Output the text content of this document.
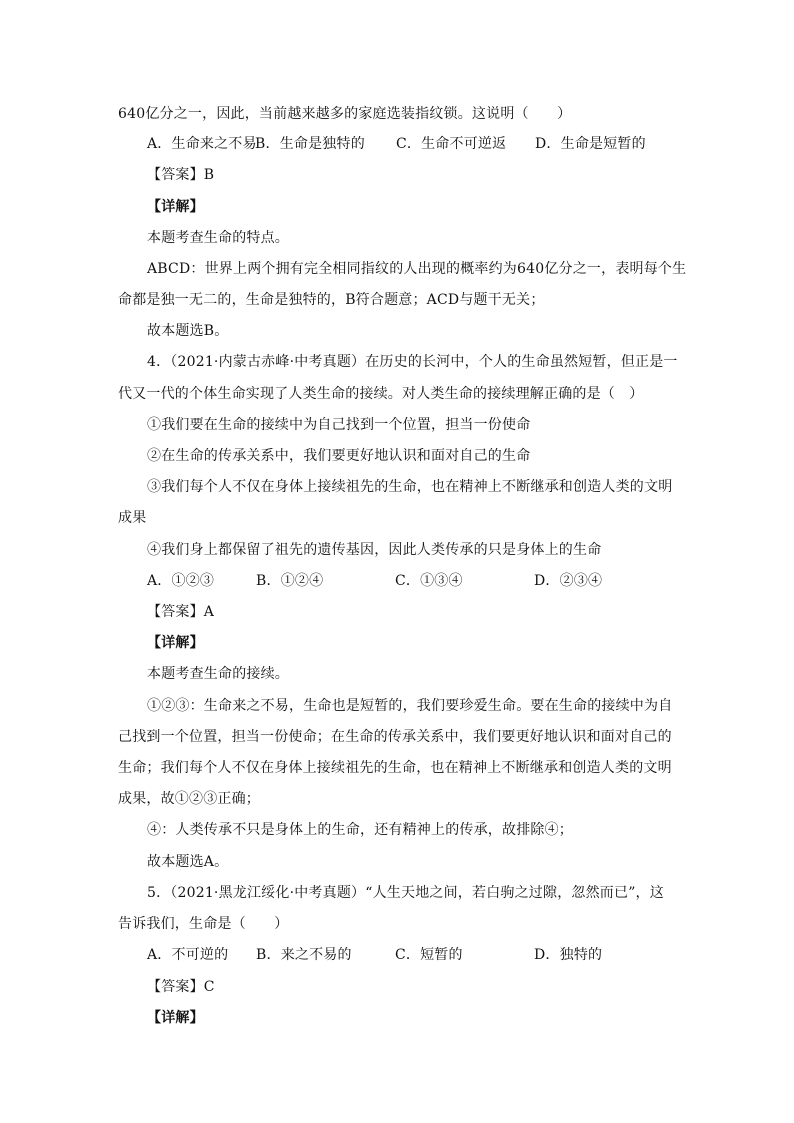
640亿分之一，因此，当前越来越多的家庭选装指纹锁。这说明（　　）
A．生命来之不易
B．生命是独特的	C．生命不可逆返	D．生命是短暂的
【答案】B
【详解】
本题考查生命的特点。
ABCD：世界上两个拥有完全相同指纹的人出现的概率约为640亿分之一，表明每个生
命都是独一无二的，生命是独特的，B符合题意；ACD与题干无关；
故本题选B。
4．（2021·内蒙古赤峰·中考真题）在历史的长河中，个人的生命虽然短暂，但正是一
代又一代的个体生命实现了人类生命的接续。对人类生命的接续理解正确的是（　）
①我们要在生命的接续中为自己找到一个位置，担当一份使命
②在生命的传承关系中，我们要更好地认识和面对自己的生命
③我们每个人不仅在身体上接续祖先的生命，也在精神上不断继承和创造人类的文明
成果
④我们身上都保留了祖先的遗传基因，因此人类传承的只是身体上的生命
A．①②③	B．①②④	C．①③④	D．②③④
【答案】A
【详解】
本题考查生命的接续。
①②③：生命来之不易，生命也是短暂的，我们要珍爱生命。要在生命的接续中为自
己找到一个位置，担当一份使命；在生命的传承关系中，我们要更好地认识和面对自己的
生命；我们每个人不仅在身体上接续祖先的生命，也在精神上不断继承和创造人类的文明
成果，故①②③正确；
④：人类传承不只是身体上的生命，还有精神上的传承，故排除④；
故本题选A。
5．（2021·黑龙江绥化·中考真题）“人生天地之间，若白驹之过隙，忽然而已”，这
告诉我们，生命是（　　）
A．不可逆的	B．来之不易的	C．短暂的	D．独特的
【答案】C
【详解】
